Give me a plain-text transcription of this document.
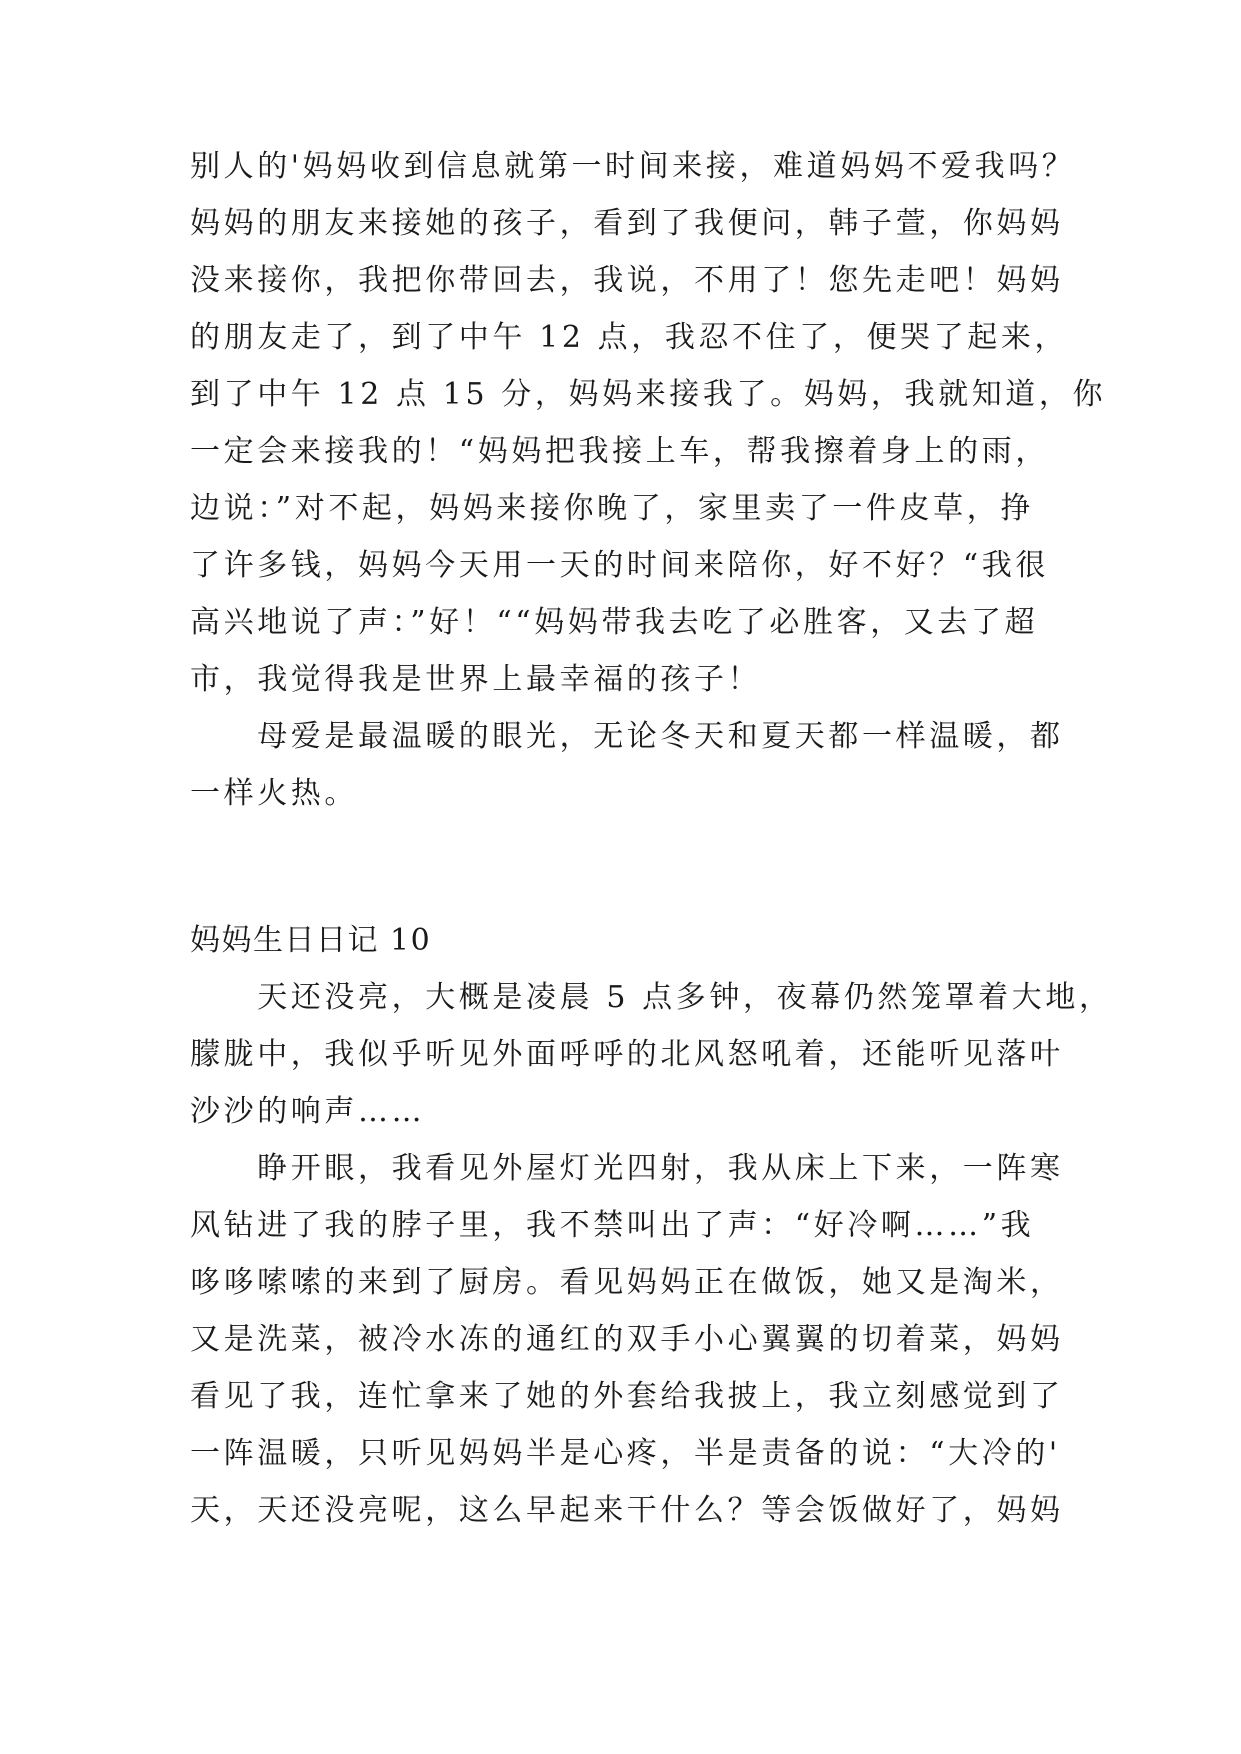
别人的'妈妈收到信息就第一时间来接，难道妈妈不爱我吗？
妈妈的朋友来接她的孩子，看到了我便问，韩子萱，你妈妈
没来接你，我把你带回去，我说，不用了！您先走吧！妈妈
的朋友走了，到了中午 12 点，我忍不住了，便哭了起来，
到了中午 12 点 15 分，妈妈来接我了。妈妈，我就知道，你
一定会来接我的！“妈妈把我接上车，帮我擦着身上的雨，
边说：”对不起，妈妈来接你晚了，家里卖了一件皮草，挣
了许多钱，妈妈今天用一天的时间来陪你，好不好？“我很
高兴地说了声：”好！““妈妈带我去吃了必胜客，又去了超
市，我觉得我是世界上最幸福的孩子！
　　母爱是最温暖的眼光，无论冬天和夏天都一样温暖，都
一样火热。
妈妈生日日记 10
　　天还没亮，大概是凌晨 5 点多钟，夜幕仍然笼罩着大地，
朦胧中，我似乎听见外面呼呼的北风怒吼着，还能听见落叶
沙沙的响声……
　　睁开眼，我看见外屋灯光四射，我从床上下来，一阵寒
风钻进了我的脖子里，我不禁叫出了声：“好冷啊……”我
哆哆嗦嗦的来到了厨房。看见妈妈正在做饭，她又是淘米，
又是洗菜，被冷水冻的通红的双手小心翼翼的切着菜，妈妈
看见了我，连忙拿来了她的外套给我披上，我立刻感觉到了
一阵温暖，只听见妈妈半是心疼，半是责备的说：“大冷的'
天，天还没亮呢，这么早起来干什么？等会饭做好了，妈妈
